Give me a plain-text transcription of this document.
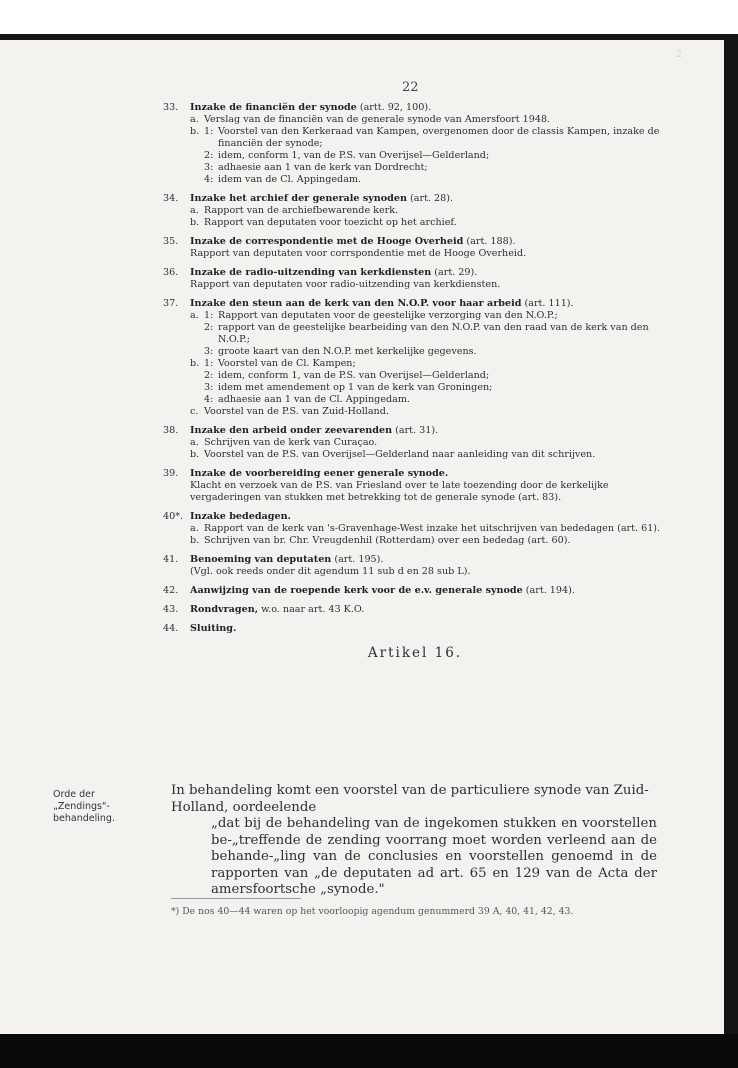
2
22
33.	Inzake de financiën der synode (artt. 92, 100).
a. Verslag van de financiën van de generale synode van Amersfoort 1948.
b. 1: Voorstel van den Kerkeraad van Kampen, overgenomen door de classis Kampen, inzake de financiën der synode;
2: idem, conform 1, van de P.S. van Overijsel—Gelderland;
3: adhaesie aan 1 van de kerk van Dordrecht;
4: idem van de Cl. Appingedam.
34.	Inzake het archief der generale synoden (art. 28).
a. Rapport van de archiefbewarende kerk.
b. Rapport van deputaten voor toezicht op het archief.
35.	Inzake de correspondentie met de Hooge Overheid (art. 188).
Rapport van deputaten voor corrspondentie met de Hooge Overheid.
36.	Inzake de radio-uitzending van kerkdiensten (art. 29).
Rapport van deputaten voor radio-uitzending van kerkdiensten.
37.	Inzake den steun aan de kerk van den N.O.P. voor haar arbeid (art. 111).
a. 1: Rapport van deputaten voor de geestelijke verzorging van den N.O.P.;
2: rapport van de geestelijke bearbeiding van den N.O.P. van den raad van de kerk van den N.O.P.;
3: groote kaart van den N.O.P. met kerkelijke gegevens.
b. 1: Voorstel van de Cl. Kampen;
2: idem, conform 1, van de P.S. van Overijsel—Gelderland;
3: idem met amendement op 1 van de kerk van Groningen;
4: adhaesie aan 1 van de Cl. Appingedam.
c. Voorstel van de P.S. van Zuid-Holland.
38.	Inzake den arbeid onder zeevarenden (art. 31).
a. Schrijven van de kerk van Curaçao.
b. Voorstel van de P.S. van Overijsel—Gelderland naar aanleiding van dit schrijven.
39.	Inzake de voorbereiding eener generale synode.
Klacht en verzoek van de P.S. van Friesland over te late toezending door de kerkelijke vergaderingen van stukken met betrekking tot de generale synode (art. 83).
40*. Inzake bededagen.
a. Rapport van de kerk van 's-Gravenhage-West inzake het uitschrijven van bededagen (art. 61).
b. Schrijven van br. Chr. Vreugdenhil (Rotterdam) over een bededag (art. 60).
41.	Benoeming van deputaten (art. 195).
(Vgl. ook reeds onder dit agendum 11 sub d en 28 sub L).
42.	Aanwijzing van de roepende kerk voor de e.v. generale synode (art. 194).
43.	Rondvragen, w.o. naar art. 43 K.O.
44.	Sluiting.
Artikel 16.
Orde der
„Zendings"-
behandeling.
In behandeling komt een voorstel van de particuliere synode van Zuid-Holland, oordeelende
„dat bij de behandeling van de ingekomen stukken en voorstellen be-„treffende de zending voorrang moet worden verleend aan de behande-„ling van de conclusies en voorstellen genoemd in de rapporten van „de deputaten ad art. 65 en 129 van de Acta der amersfoortsche „synode."
*) De nos 40—44 waren op het voorloopig agendum genummerd 39 A, 40, 41, 42, 43.
